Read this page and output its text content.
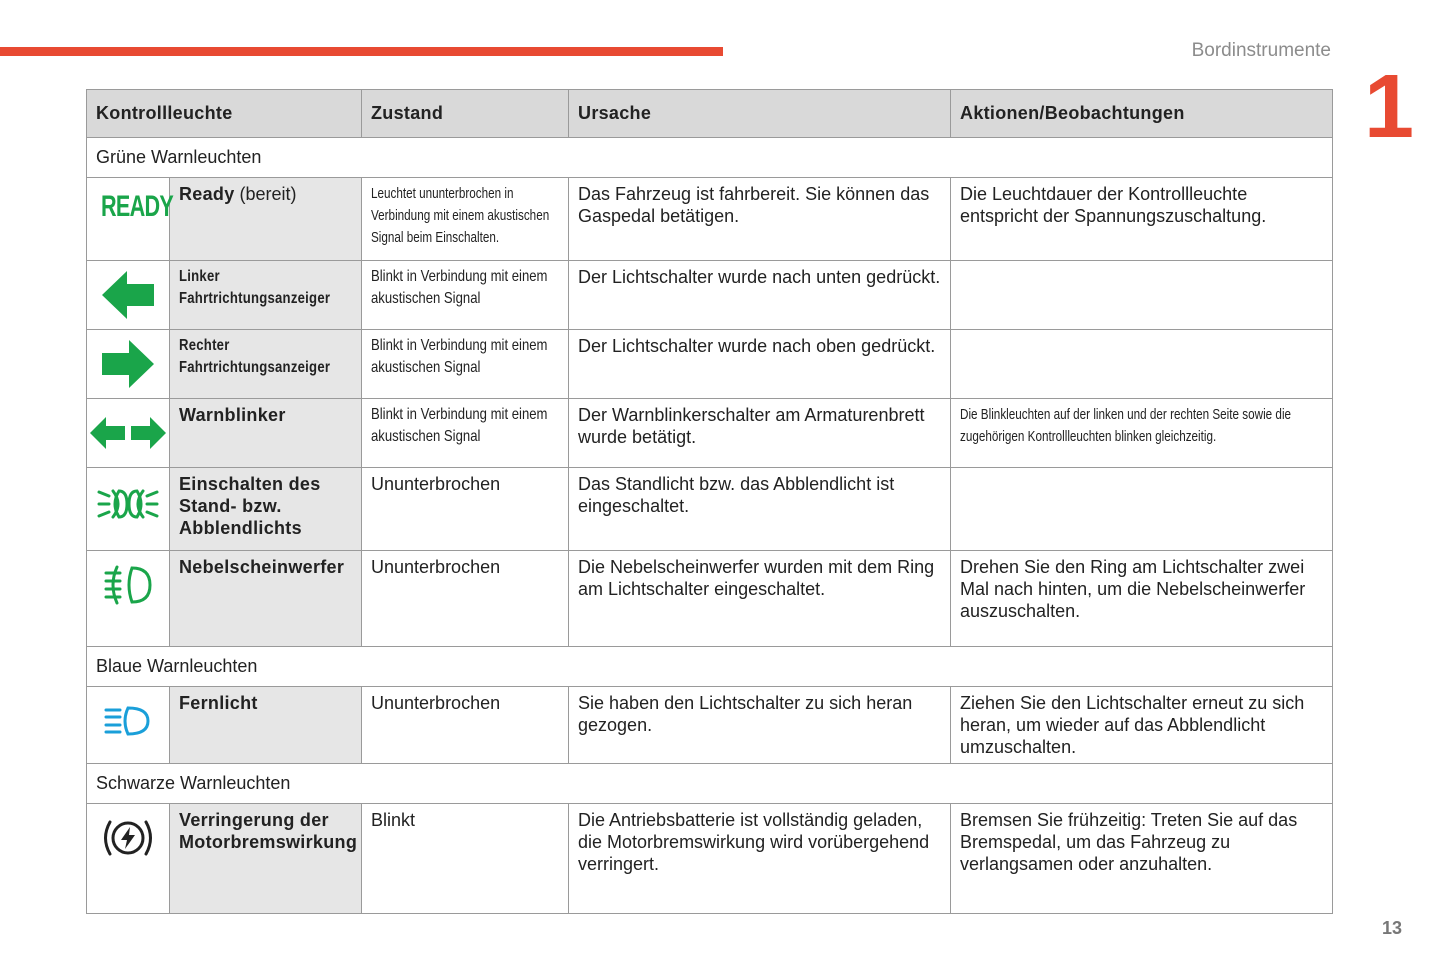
Bordinstrumente
1
Kontrollleuchte		Zustand	Ursache	Aktionen/Beobachtungen
Grüne Warnleuchten				
READY	Ready (bereit)	Leuchtet ununterbrochen in Verbindung mit einem akustischen Signal beim Einschalten.	Das Fahrzeug ist fahrbereit. Sie können das Gaspedal betätigen.	Die Leuchtdauer der Kontrollleuchte entspricht der Spannungszuschaltung.

	Linker Fahrtrichtungsanzeiger	Blinkt in Verbindung mit einem akustischen Signal	Der Lichtschalter wurde nach unten gedrückt.	

	Rechter Fahrtrichtungsanzeiger	Blinkt in Verbindung mit einem akustischen Signal	Der Lichtschalter wurde nach oben gedrückt.	

	Warnblinker	Blinkt in Verbindung mit einem akustischen Signal	Der Warnblinkerschalter am Armaturenbrett wurde betätigt.	Die Blinkleuchten auf der linken und der rechten Seite sowie die zugehörigen Kontrollleuchten blinken gleichzeitig.

	Einschalten des Stand- bzw. Abblendlichts	Ununterbrochen	Das Standlicht bzw. das Abblendlicht ist eingeschaltet.	

	Nebelscheinwerfer	Ununterbrochen	Die Nebelscheinwerfer wurden mit dem Ring am Lichtschalter eingeschaltet.	Drehen Sie den Ring am Lichtschalter zwei Mal nach hinten, um die Nebelscheinwerfer auszuschalten.
Blaue Warnleuchten				

	Fernlicht	Ununterbrochen	Sie haben den Lichtschalter zu sich heran gezogen.	Ziehen Sie den Lichtschalter erneut zu sich heran, um wieder auf das Abblendlicht umzuschalten.
Schwarze Warnleuchten				

	Verringerung der Motorbremswirkung	Blinkt	Die Antriebsbatterie ist vollständig geladen, die Motorbremswirkung wird vorübergehend verringert.	Bremsen Sie frühzeitig: Treten Sie auf das Bremspedal, um das Fahrzeug zu verlangsamen oder anzuhalten.
13
